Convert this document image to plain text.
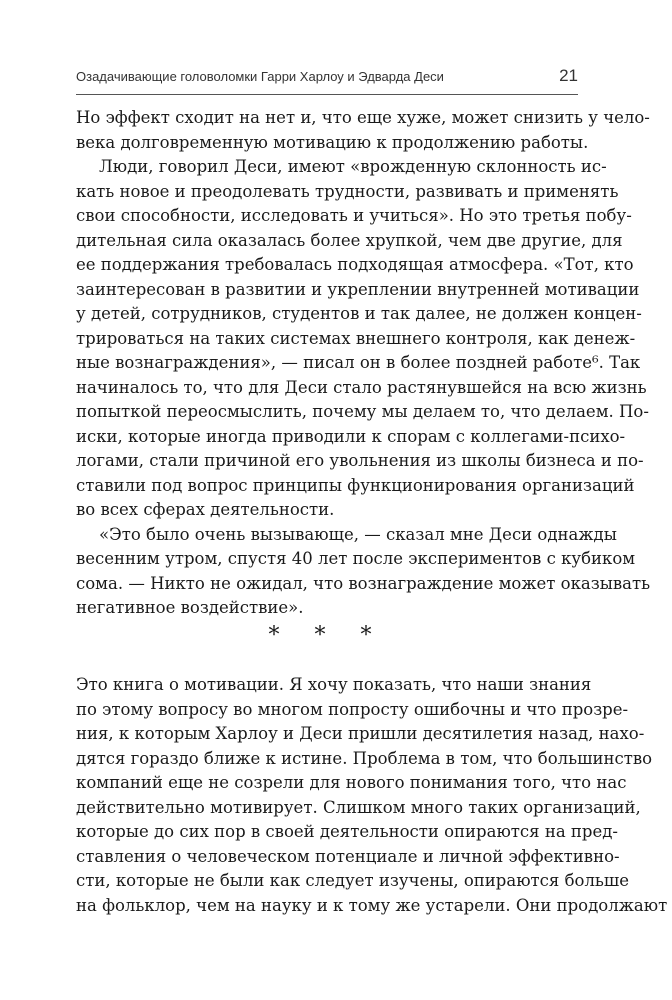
Озадачивающие головоломки Гарри Харлоу и Эдварда Деси	21
Но эффект сходит на нет и, что еще хуже, может снизить у чело-
века долговременную мотивацию к продолжению работы.
Люди, говорил Деси, имеют «врожденную склонность ис-
кать новое и преодолевать трудности, развивать и применять
свои способности, исследовать и учиться». Но это третья побу-
дительная сила оказалась более хрупкой, чем две другие, для
ее поддержания требовалась подходящая атмосфера. «Тот, кто
заинтересован в развитии и укреплении внутренней мотивации
у детей, сотрудников, студентов и так далее, не должен концен-
трироваться на таких системах внешнего контроля, как денеж-
ные вознаграждения», — писал он в более поздней работе⁶. Так
начиналось то, что для Деси стало растянувшейся на всю жизнь
попыткой переосмыслить, почему мы делаем то, что делаем. По-
иски, которые иногда приводили к спорам с коллегами-психо-
логами, стали причиной его увольнения из школы бизнеса и по-
ставили под вопрос принципы функционирования организаций
во всех сферах деятельности.
«Это было очень вызывающе, — сказал мне Деси однажды
весенним утром, спустя 40 лет после экспериментов с кубиком
сома. — Никто не ожидал, что вознаграждение может оказывать
негативное воздействие».
* * *
Это книга о мотивации. Я хочу показать, что наши знания
по этому вопросу во многом попросту ошибочны и что прозре-
ния, к которым Харлоу и Деси пришли десятилетия назад, нахо-
дятся гораздо ближе к истине. Проблема в том, что большинство
компаний еще не созрели для нового понимания того, что нас
действительно мотивирует. Слишком много таких организаций,
которые до сих пор в своей деятельности опираются на пред-
ставления о человеческом потенциале и личной эффективно-
сти, которые не были как следует изучены, опираются больше
на фольклор, чем на науку и к тому же устарели. Они продолжают
